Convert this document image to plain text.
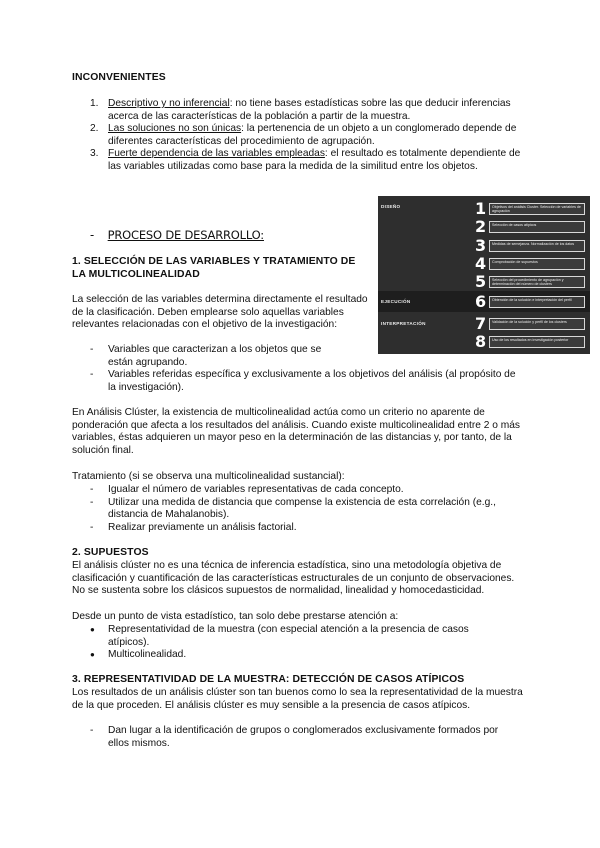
INCONVENIENTES
1. Descriptivo y no inferencial: no tiene bases estadísticas sobre las que deducir inferencias acerca de las características de la población a partir de la muestra.
2. Las soluciones no son únicas: la pertenencia de un objeto a un conglomerado depende de diferentes características del procedimiento de agrupación.
3. Fuerte dependencia de las variables empleadas: el resultado es totalmente dependiente de las variables utilizadas como base para la medida de la similitud entre los objetos.
- PROCESO DE DESARROLLO:
DISEÑO
EJECUCIÓN
INTERPRETACIÓN
1	Objetivos del análisis Cluster. Selección de variables de agrupación
2	Selección de casos atípicos
3	Medidas de semejanza. Normalización de los datos
4	Comprobación de supuestos
5	Selección del procedimiento de agrupación y determinación del número de clusters
6	Obtención de la solución e interpretación del perfil
7	Validación de la solución y perfil de los clusters
8	Uso de los resultados en investigación posterior
1. SELECCIÓN DE LAS VARIABLES Y TRATAMIENTO DE LA MULTICOLINEALIDAD

La selección de las variables determina directamente el resultado de la clasificación. Deben emplearse solo aquellas variables relevantes relacionadas con el objetivo de la investigación:

- Variables que caracterizan a los objetos que se están agrupando.
- Variables referidas específica y exclusivamente a los objetivos del análisis (al propósito de la investigación).

En Análisis Clúster, la existencia de multicolinealidad actúa como un criterio no aparente de ponderación que afecta a los resultados del análisis. Cuando existe multicolinealidad entre 2 o más variables, éstas adquieren un mayor peso en la determinación de las distancias y, por tanto, de la solución final.

Tratamiento (si se observa una multicolinealidad sustancial):

- Igualar el número de variables representativas de cada concepto.
- Utilizar una medida de distancia que compense la existencia de esta correlación (e.g., distancia de Mahalanobis).
- Realizar previamente un análisis factorial.
2. SUPUESTOS

El análisis clúster no es una técnica de inferencia estadística, sino una metodología objetiva de clasificación y cuantificación de las características estructurales de un conjunto de observaciones. No se sustenta sobre los clásicos supuestos de normalidad, linealidad y homocedasticidad.

Desde un punto de vista estadístico, tan solo debe prestarse atención a:

● Representatividad de la muestra (con especial atención a la presencia de casos atípicos).
● Multicolinealidad.
3. REPRESENTATIVIDAD DE LA MUESTRA: DETECCIÓN DE CASOS ATÍPICOS

Los resultados de un análisis clúster son tan buenos como lo sea la representatividad de la muestra de la que proceden. El análisis clúster es muy sensible a la presencia de casos atípicos.

- Dan lugar a la identificación de grupos o conglomerados exclusivamente formados por ellos mismos.
